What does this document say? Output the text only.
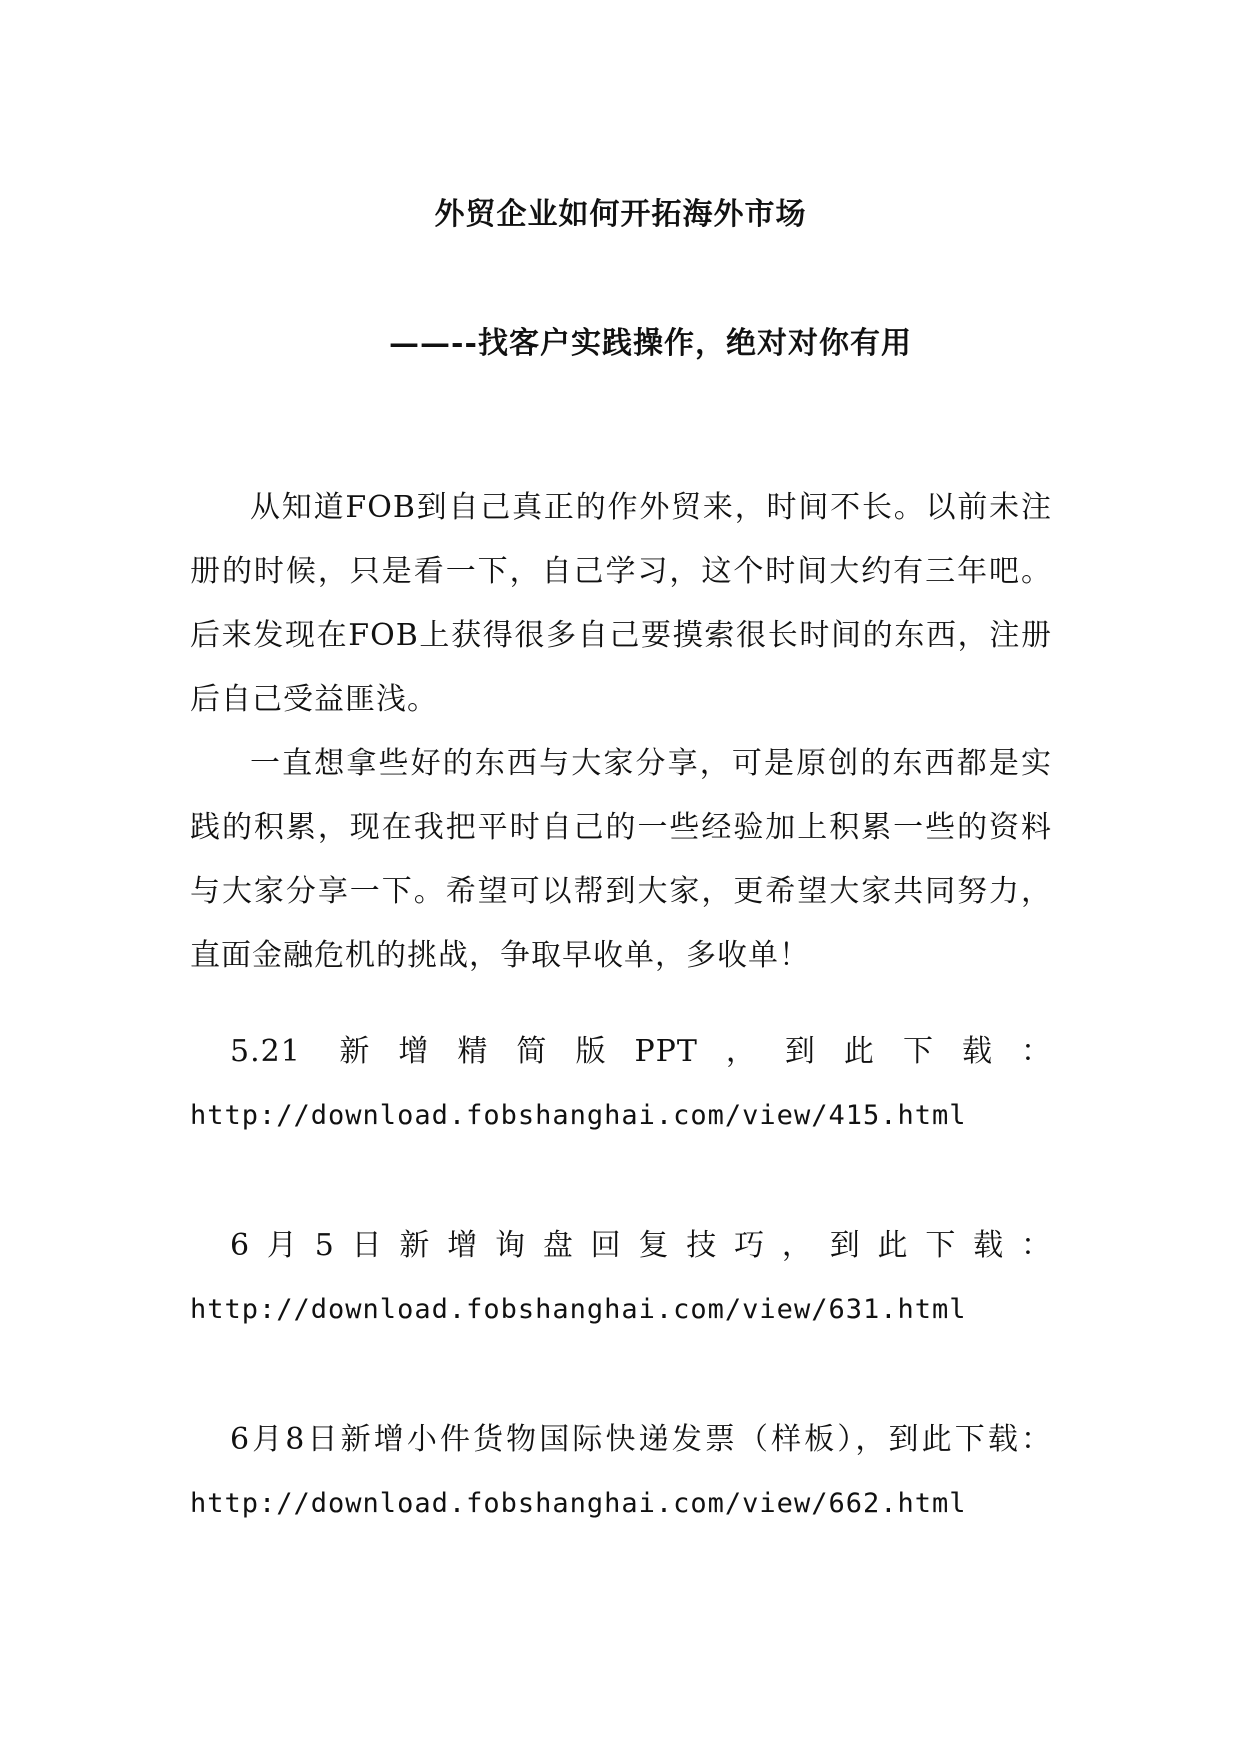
外贸企业如何开拓海外市场
——--找客户实践操作，绝对对你有用
从知道FOB到自己真正的作外贸来，时间不长。以前未注册的时候，只是看一下，自己学习，这个时间大约有三年吧。后来发现在FOB上获得很多自己要摸索很长时间的东西，注册后自己受益匪浅。
一直想拿些好的东西与大家分享，可是原创的东西都是实践的积累，现在我把平时自己的一些经验加上积累一些的资料与大家分享一下。希望可以帮到大家，更希望大家共同努力，直面金融危机的挑战，争取早收单，多收单！
5.21 新增精简版PPT，到此下载：
http://download.fobshanghai.com/view/415.html
6月5日新增询盘回复技巧，到此下载：
http://download.fobshanghai.com/view/631.html
6月8日新增小件货物国际快递发票（样板），到此下载：
http://download.fobshanghai.com/view/662.html
